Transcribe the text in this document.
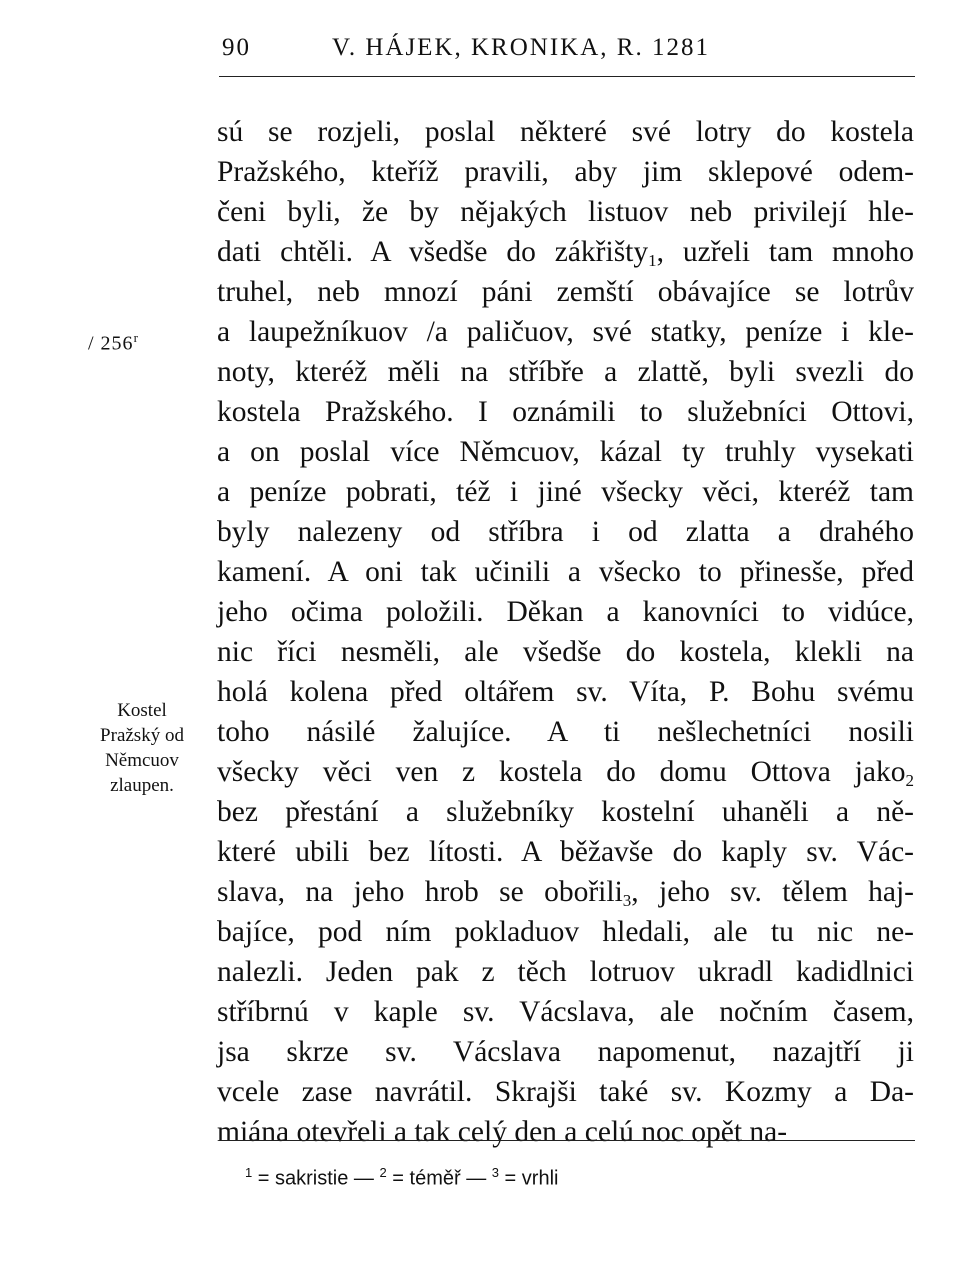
90	V. HÁJEK, KRONIKA, R. 1281
/ 256$^r$
Kostel
Pražský od
Němcuov
zlaupen.
sú se rozjeli, poslal některé své lotry do kostela
Pražského, kteříž pravili, aby jim sklepové odem-
čeni byli, že by nějakých listuov neb privilejí hle-
dati chtěli. A všedše do zákřišty$_1$, uzřeli tam mnoho
truhel, neb mnozí páni zemští obávajíce se lotrův
a laupežníkuov /a paličuov, své statky, peníze i kle-
noty, kteréž měli na stříbře a zlattě, byli svezli do
kostela Pražského. I oznámili to služebníci Ottovi,
a on poslal více Němcuov, kázal ty truhly vysekati
a peníze pobrati, též i jiné všecky věci, kteréž tam
byly nalezeny od stříbra i od zlatta a drahého
kamení. A oni tak učinili a všecko to přinesše, před
jeho očima položili. Děkan a kanovníci to vidúce,
nic říci nesměli, ale všedše do kostela, klekli na
holá kolena před oltářem sv. Víta, P. Bohu svému
toho násilé žalujíce. A ti nešlechetníci nosili
všecky věci ven z kostela do domu Ottova jako$_2$
bez přestání a služebníky kostelní uhaněli a ně-
které ubili bez lítosti. A běžavše do kaply sv. Vác-
slava, na jeho hrob se obořili$_3$, jeho sv. tělem haj-
bajíce, pod ním pokladuov hledali, ale tu nic ne-
nalezli. Jeden pak z těch lotruov ukradl kadidlnici
stříbrnú v kaple sv. Vácslava, ale nočním časem,
jsa skrze sv. Vácslava napomenut, nazajtří ji
vcele zase navrátil. Skrajši také sv. Kozmy a Da-
miána otevřeli a tak celý den a celú noc opět na-
$^1$ = sakristie — $^2$ = téměř — $^3$ = vrhli
